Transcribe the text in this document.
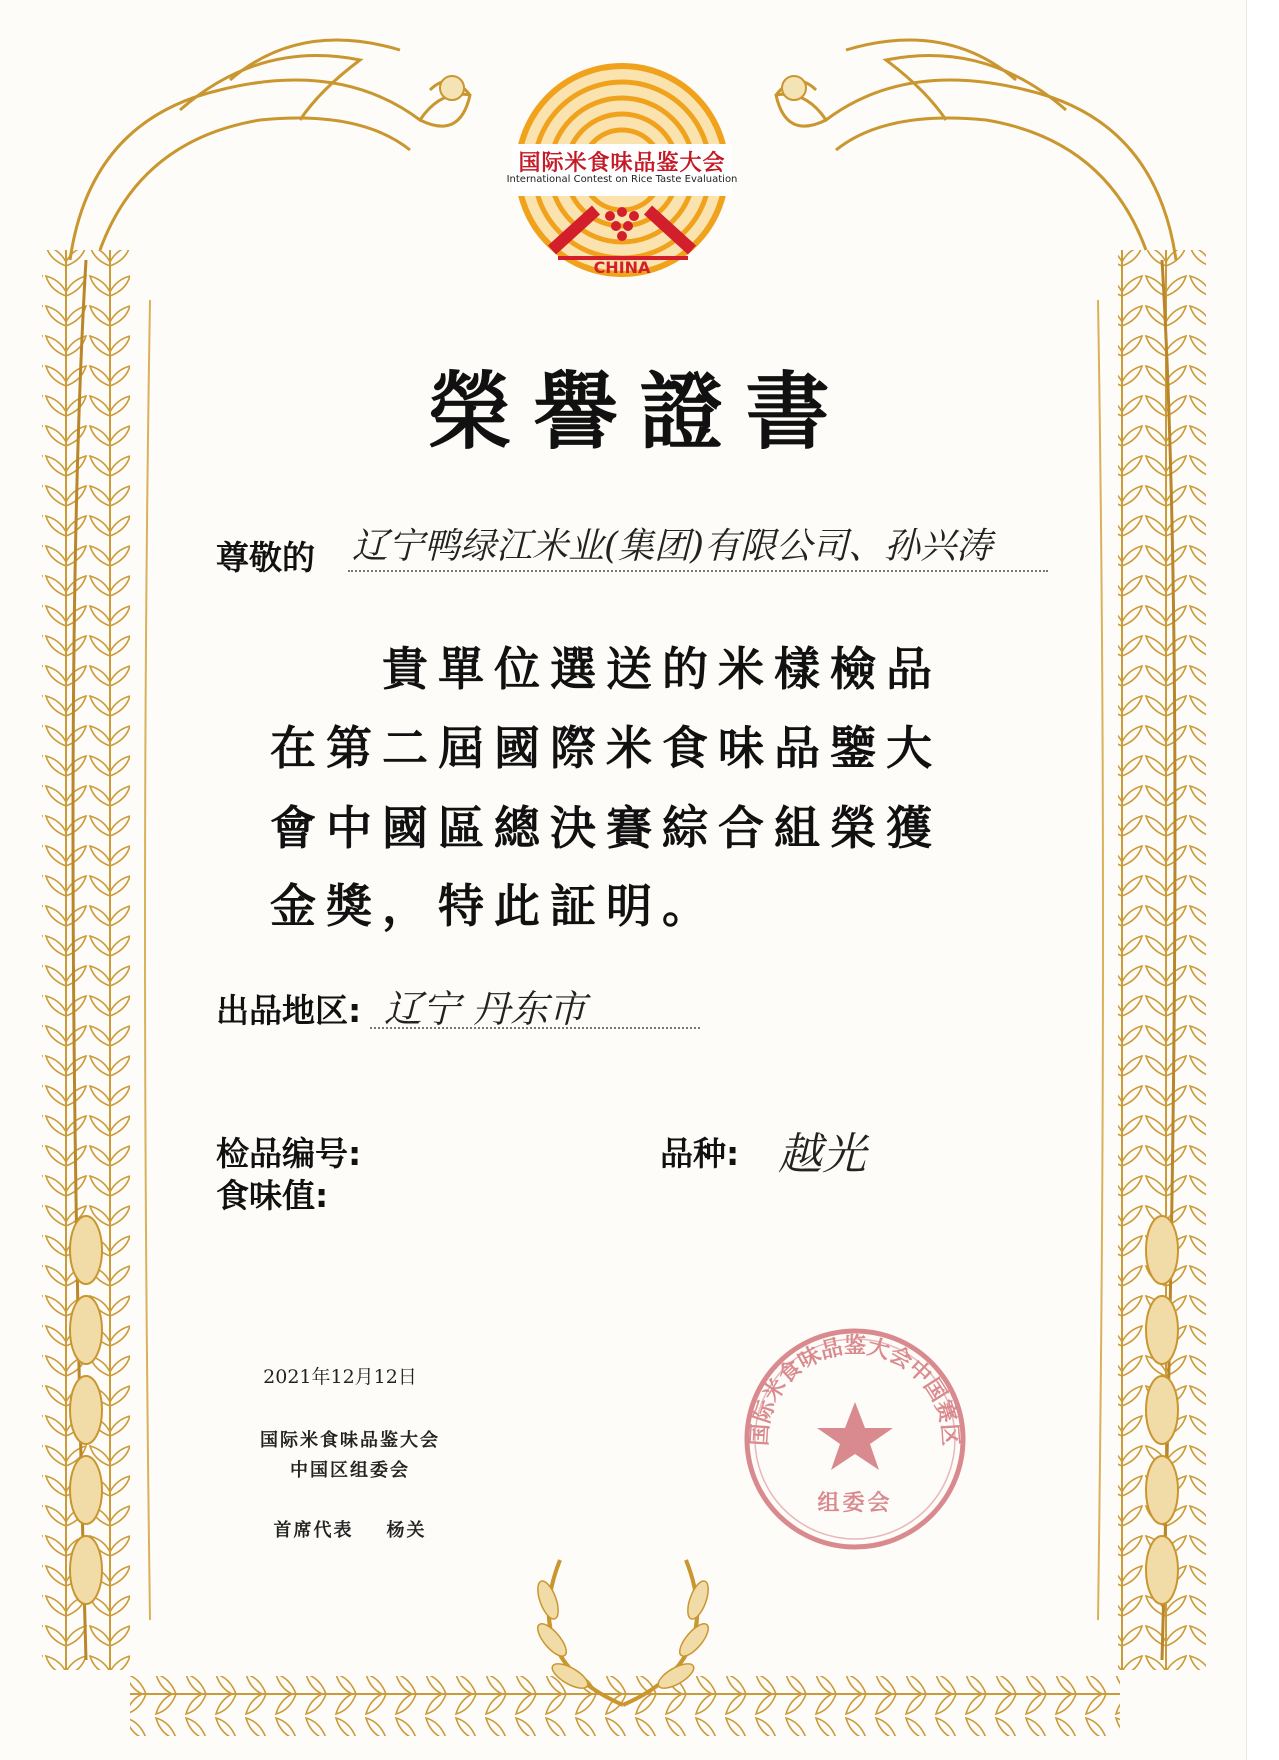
国际米食味品鉴大会
International Contest on Rice Taste Evaluation
CHINA
榮譽證書
尊敬的 辽宁鸭绿江米业(集团)有限公司、孙兴涛
貴單位選送的米樣檢品
在第二屆國際米食味品鑒大
會中國區總決賽綜合組榮獲
金獎，特此証明。
出品地区: 辽宁 丹东市
检品编号:
食味值:
品种: 越光
2021年12月12日
国际米食味品鉴大会
中国区组委会
首席代表    杨关
国际米食味品鉴大会中国赛区
组委会
